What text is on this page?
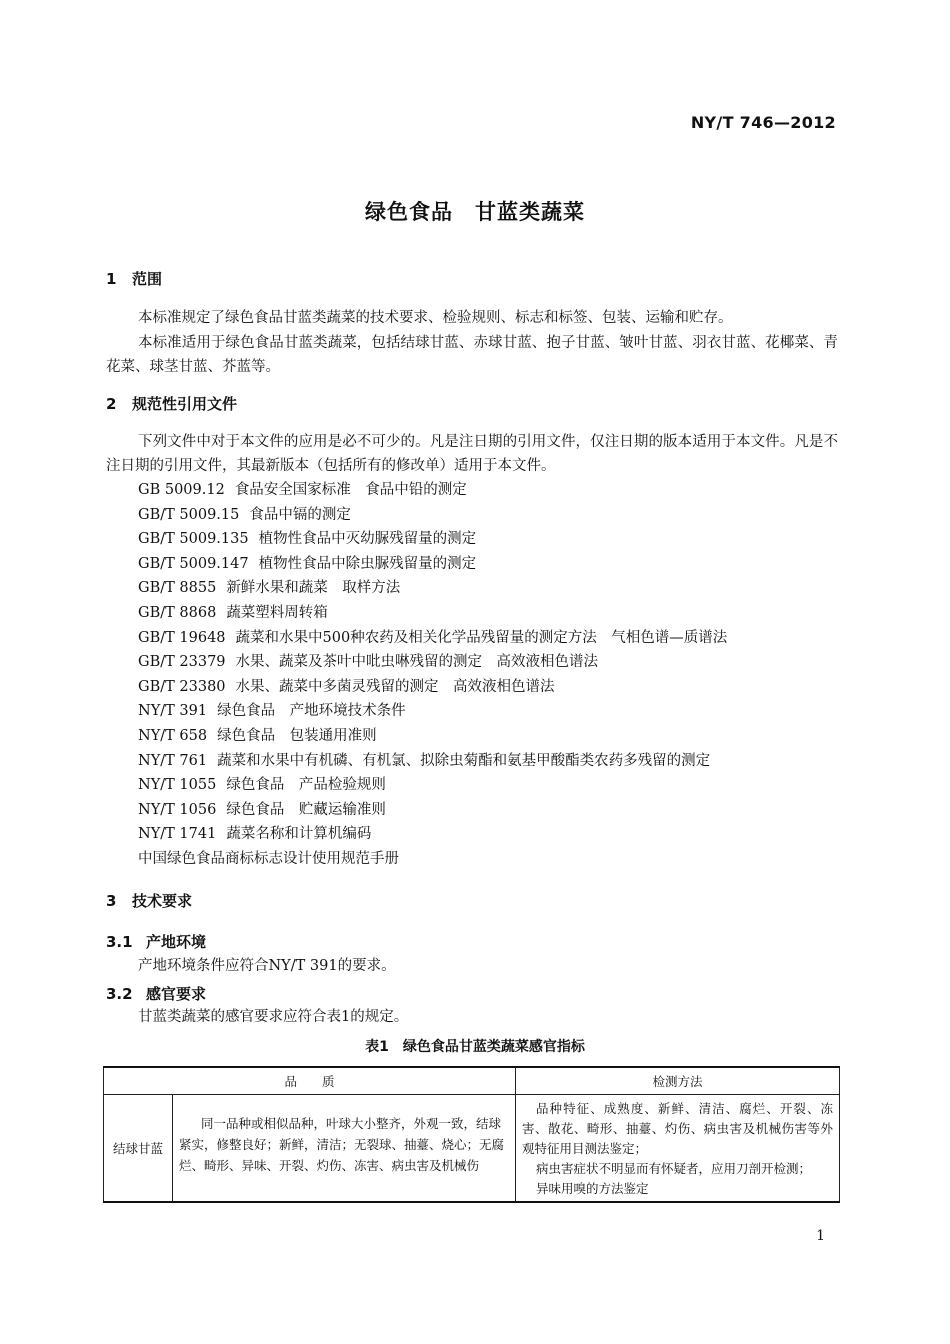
NY/T 746—2012
绿色食品　甘蓝类蔬菜
1 范围

本标准规定了绿色食品甘蓝类蔬菜的技术要求、检验规则、标志和标签、包装、运输和贮存。

本标准适用于绿色食品甘蓝类蔬菜，包括结球甘蓝、赤球甘蓝、抱子甘蓝、皱叶甘蓝、羽衣甘蓝、花椰菜、青花菜、球茎甘蓝、芥蓝等。

2 规范性引用文件

下列文件中对于本文件的应用是必不可少的。凡是注日期的引用文件，仅注日期的版本适用于本文件。凡是不注日期的引用文件，其最新版本（包括所有的修改单）适用于本文件。

GB 5009.12 食品安全国家标准　食品中铅的测定
GB/T 5009.15 食品中镉的测定
GB/T 5009.135 植物性食品中灭幼脲残留量的测定
GB/T 5009.147 植物性食品中除虫脲残留量的测定
GB/T 8855 新鲜水果和蔬菜　取样方法
GB/T 8868 蔬菜塑料周转箱
GB/T 19648 蔬菜和水果中500种农药及相关化学品残留量的测定方法　气相色谱—质谱法
GB/T 23379 水果、蔬菜及茶叶中吡虫啉残留的测定　高效液相色谱法
GB/T 23380 水果、蔬菜中多菌灵残留的测定　高效液相色谱法
NY/T 391 绿色食品　产地环境技术条件
NY/T 658 绿色食品　包装通用准则
NY/T 761 蔬菜和水果中有机磷、有机氯、拟除虫菊酯和氨基甲酸酯类农药多残留的测定
NY/T 1055 绿色食品　产品检验规则
NY/T 1056 绿色食品　贮藏运输准则
NY/T 1741 蔬菜名称和计算机编码
中国绿色食品商标标志设计使用规范手册
3 技术要求
3.1 产地环境
产地环境条件应符合NY/T 391的要求。
3.2 感官要求
甘蓝类蔬菜的感官要求应符合表1的规定。
表1　绿色食品甘蓝类蔬菜感官指标
品　　质		检测方法
结球甘蓝	同一品种或相似品种，叶球大小整齐，外观一致，结球紧实，修整良好；新鲜，清洁；无裂球、抽薹、烧心；无腐烂、畸形、异味、开裂、灼伤、冻害、病虫害及机械伤	品种特征、成熟度、新鲜、清洁、腐烂、开裂、冻害、散花、畸形、抽薹、灼伤、病虫害及机械伤害等外观特征用目测法鉴定；

病虫害症状不明显而有怀疑者，应用刀剖开检测；

异味用嗅的方法鉴定

1
